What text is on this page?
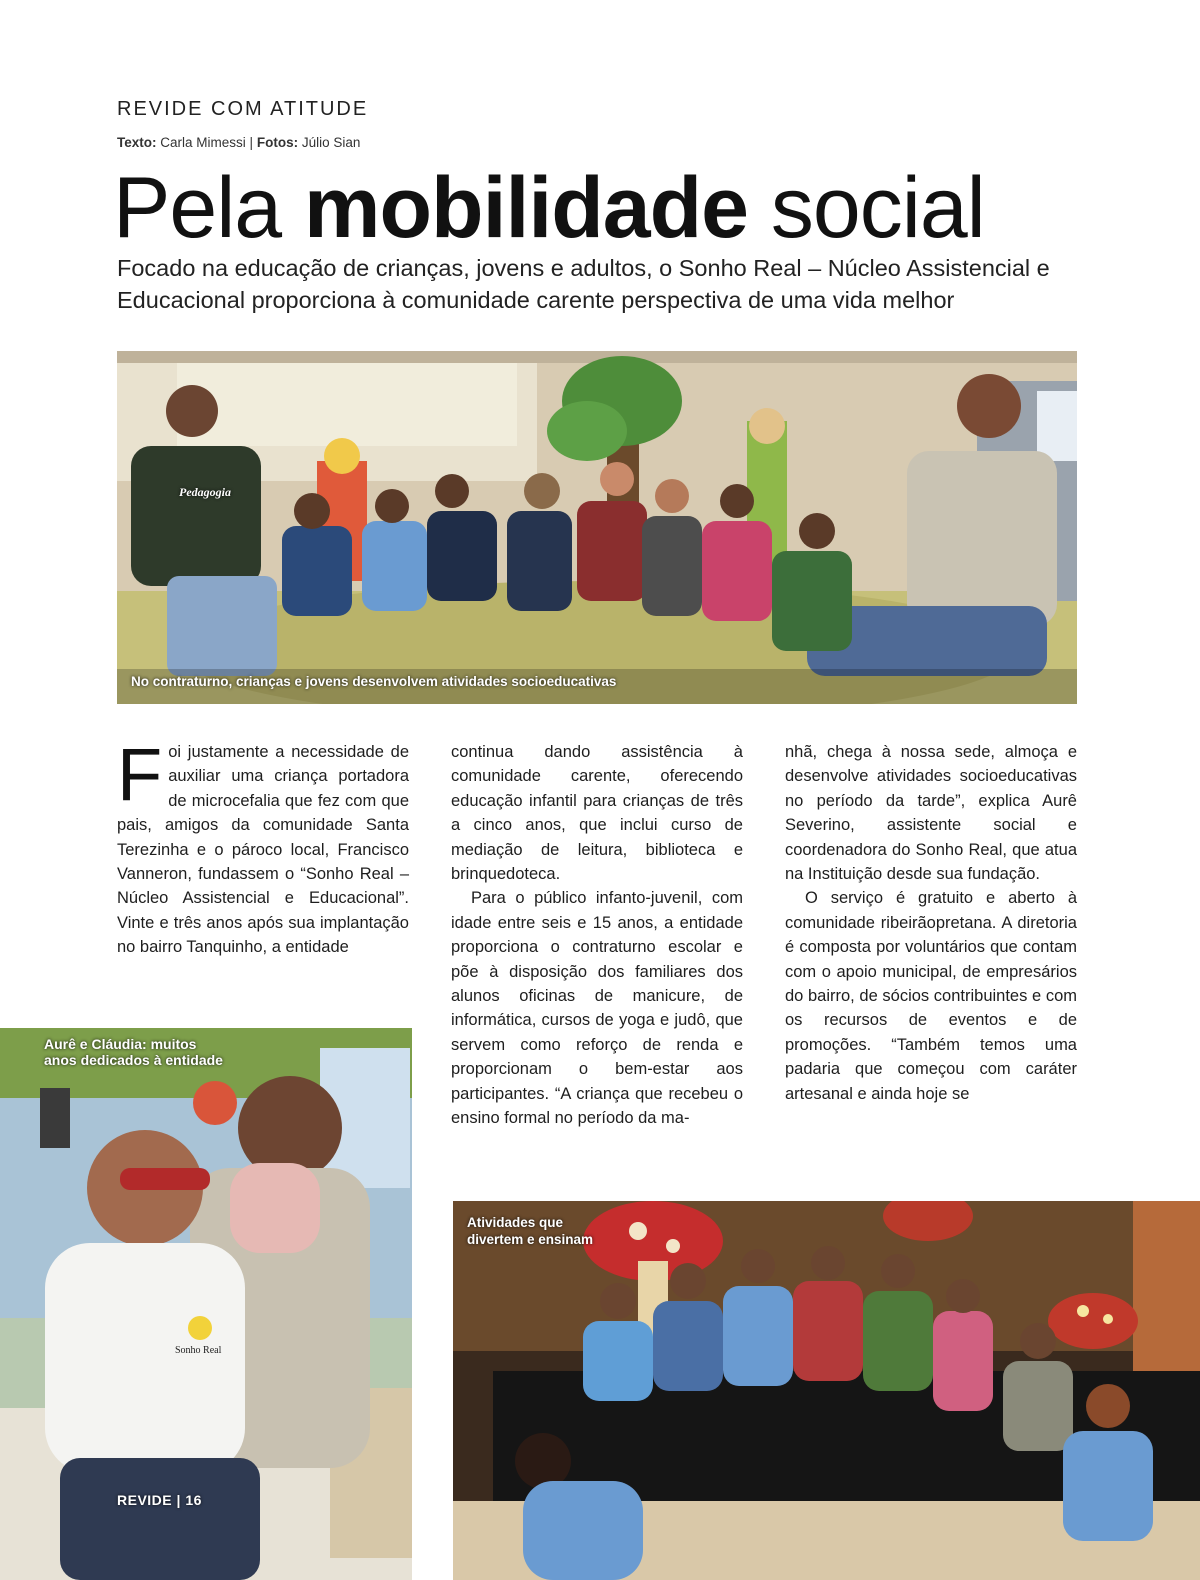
REVIDE COM ATITUDE
Texto: Carla Mimessi | Fotos: Júlio Sian
Pela mobilidade social
Focado na educação de crianças, jovens e adultos, o Sonho Real – Núcleo Assistencial e Educacional proporciona à comunidade carente perspectiva de uma vida melhor
Pedagogia
No contraturno, crianças e jovens desenvolvem atividades socioeducativas

F oi justamente a necessidade de auxiliar uma criança portadora de microcefalia que fez com que pais, amigos da comunidade Santa Terezinha e o pároco local, Francisco Vanneron, fundassem o “Sonho Real – Núcleo Assistencial e Educacional”. Vinte e três anos após sua implantação no bairro Tanquinho, a entidade

continua dando assistência à comunidade carente, oferecendo educação infantil para crianças de três a cinco anos, que inclui curso de mediação de leitura, biblioteca e brinquedoteca.

Para o público infanto-juvenil, com idade entre seis e 15 anos, a entidade proporciona o contraturno escolar e põe à disposição dos familiares dos alunos oficinas de manicure, de informática, cursos de yoga e judô, que servem como reforço de renda e proporcionam o bem-estar aos participantes. “A criança que recebeu o ensino formal no período da ma-

nhã, chega à nossa sede, almoça e desenvolve atividades socioeducativas no período da tarde”, explica Aurê Severino, assistente social e coordenadora do Sonho Real, que atua na Instituição desde sua fundação.

O serviço é gratuito e aberto à comunidade ribeirãopretana. A diretoria é composta por voluntários que contam com o apoio municipal, de empresários do bairro, de sócios contribuintes e com os recursos de eventos e de promoções. “Também temos uma padaria que começou com caráter artesanal e ainda hoje se

Aurê e Cláudia: muitos
anos dedicados à entidade
Sonho Real
Atividades que
divertem e ensinam
REVIDE | 16
